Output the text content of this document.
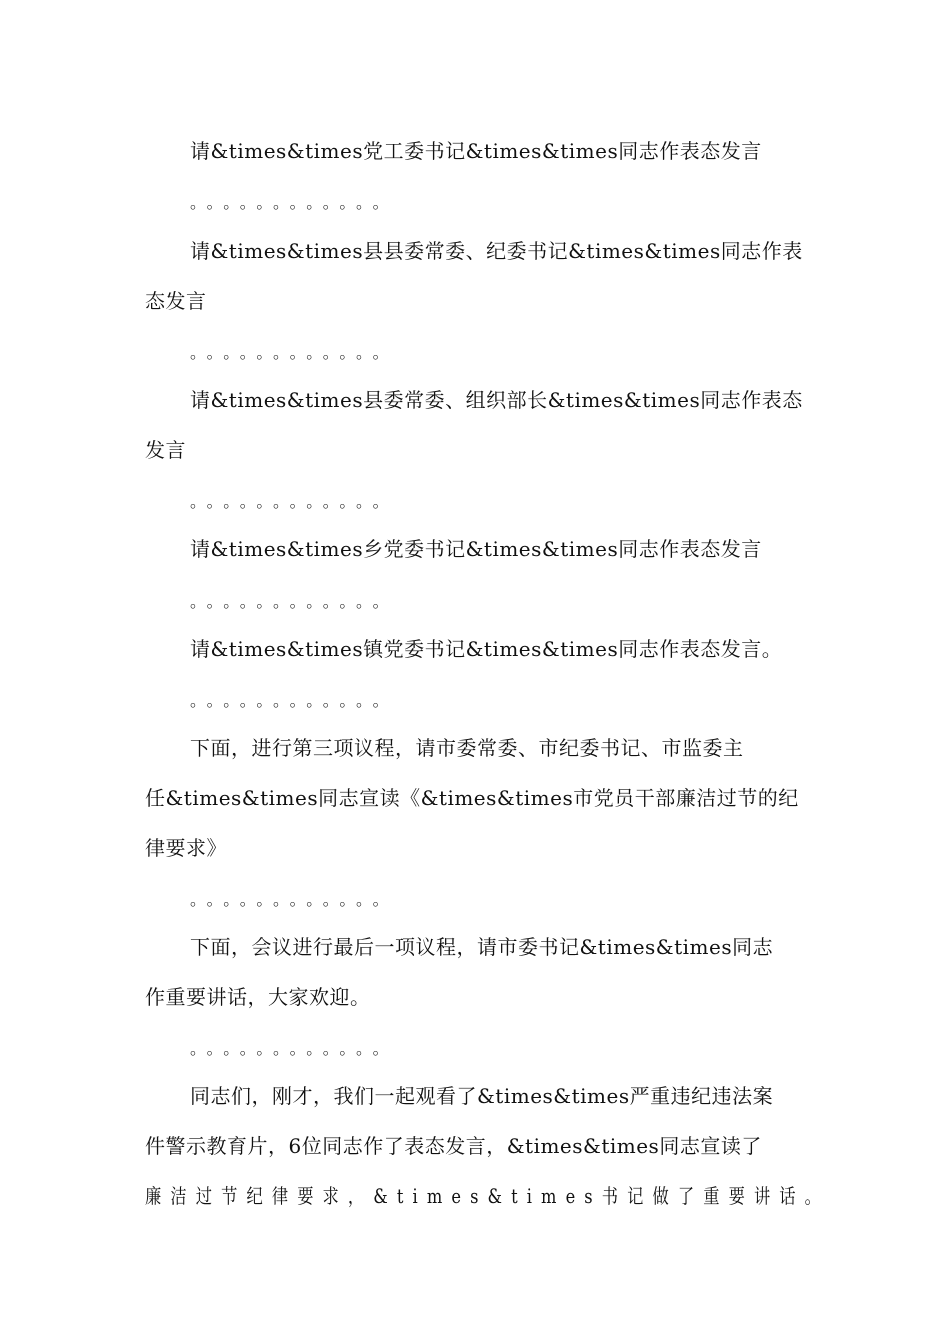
请&times&times党工委书记&times&times同志作表态发言
。。。。。。。。。。。。
请&times&times县县委常委、纪委书记&times&times同志作表
态发言
。。。。。。。。。。。。
请&times&times县委常委、组织部长&times&times同志作表态
发言
。。。。。。。。。。。。
请&times&times乡党委书记&times&times同志作表态发言
。。。。。。。。。。。。
请&times&times镇党委书记&times&times同志作表态发言。
。。。。。。。。。。。。
下面，进行第三项议程，请市委常委、市纪委书记、市监委主
任&times&times同志宣读《&times&times市党员干部廉洁过节的纪
律要求》
。。。。。。。。。。。。
下面，会议进行最后一项议程，请市委书记&times&times同志
作重要讲话，大家欢迎。
。。。。。。。。。。。。
同志们，刚才，我们一起观看了&times&times严重违纪违法案
件警示教育片，6位同志作了表态发言，&times&times同志宣读了
廉洁过节纪律要求，&times&times书记做了重要讲话。
